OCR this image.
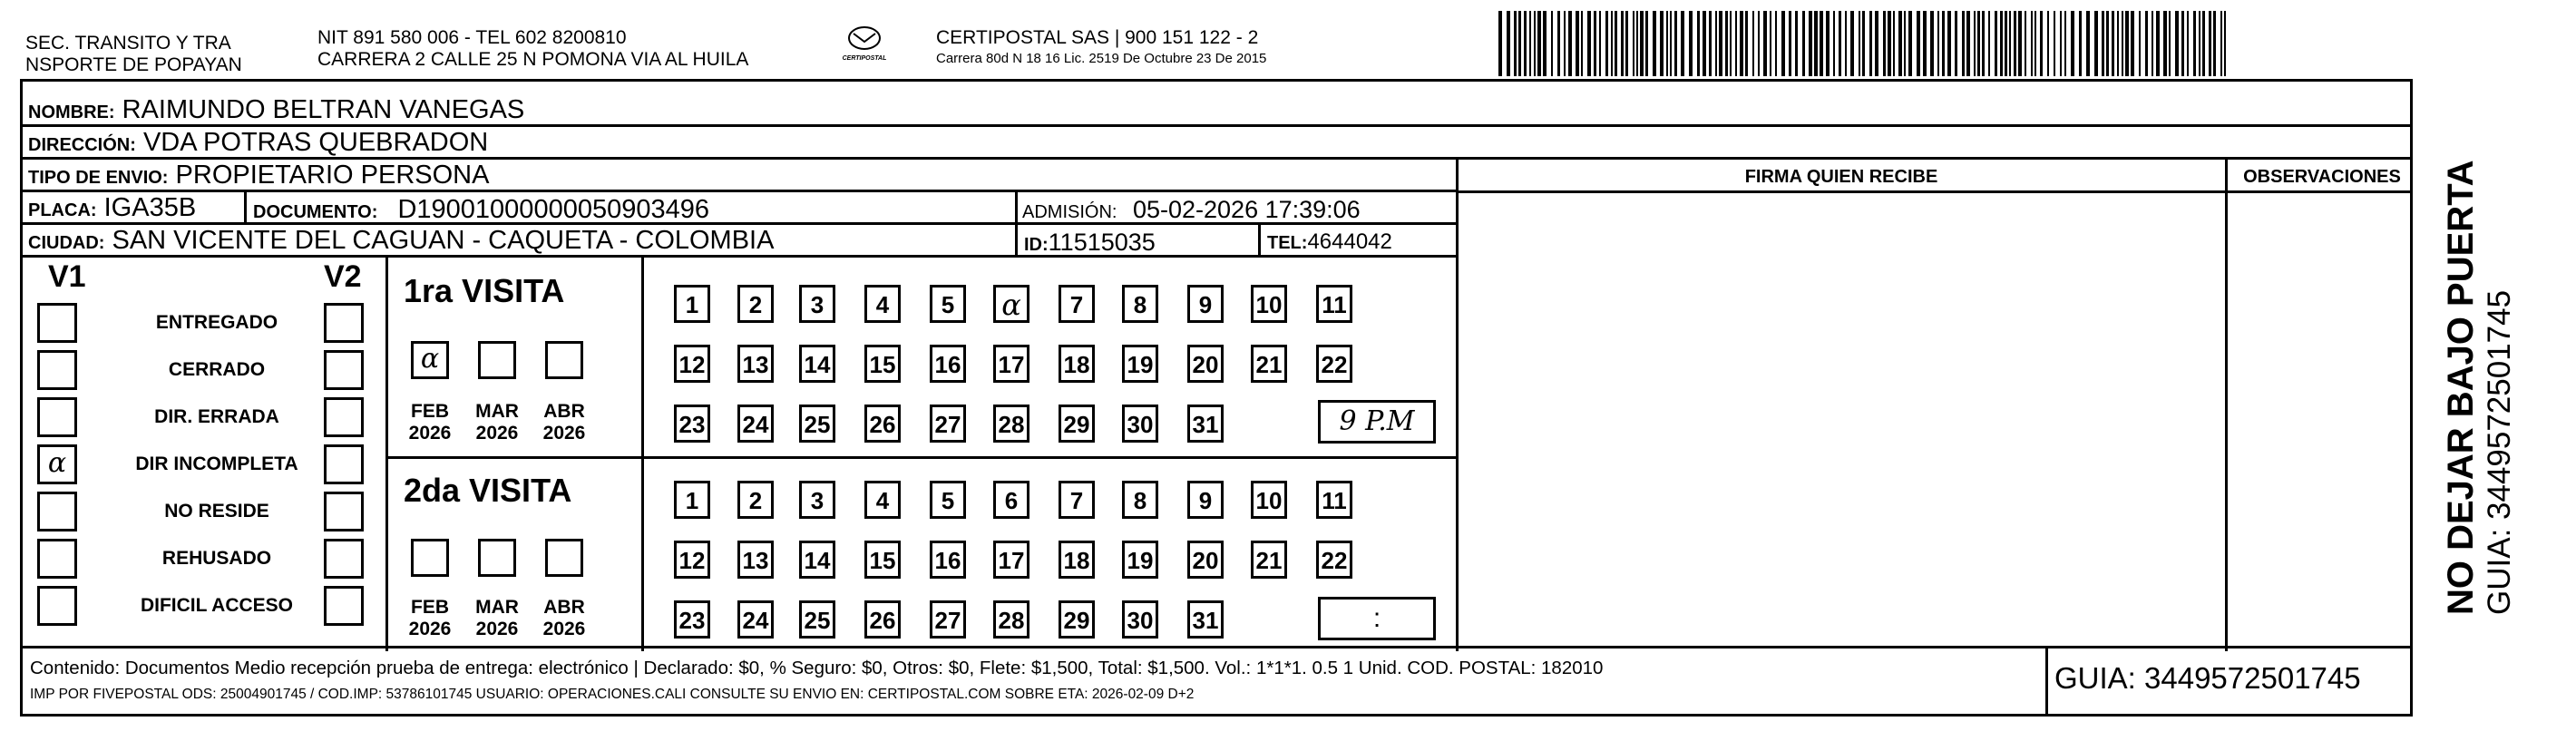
SEC. TRANSITO Y TRA
NSPORTE DE POPAYAN
NIT 891 580 006 - TEL 602 8200810
CARRERA 2 CALLE 25 N POMONA VIA AL HUILA	CERTIPOSTAL
CERTIPOSTAL SAS | 900 151 122 - 2
Carrera 80d N 18 16 Lic. 2519 De Octubre 23 De 2015
NOMBRE: RAIMUNDO BELTRAN VANEGAS
DIRECCIÓN: VDA POTRAS QUEBRADON
TIPO DE ENVIO: PROPIETARIO PERSONA	FIRMA QUIEN RECIBE	OBSERVACIONES
PLACA: IGA35B	DOCUMENTO: D19001000000050903496	ADMISIÓN: 05-02-2026 17:39:06
CIUDAD: SAN VICENTE DEL CAGUAN - CAQUETA - COLOMBIA	ID:11515035	TEL:4644042
V1	V2
ENTREGADO
CERRADO
DIR. ERRADA
α	DIR INCOMPLETA
NO RESIDE
REHUSADO
DIFICIL ACCESO
1ra VISITA
2da VISITA
α
FEB
2026
MAR
2026
ABR
2026
FEB
2026
MAR
2026
ABR
2026
1	2	3	4	5	α	7	8	9	10 11
12 13 14 15 16 17 18 19 20 21 22
23 24 25 26 27 28 29 30 31
1	2	3	4	5	6	7	8	9	10 11
12 13 14 15 16 17 18 19 20 21 22
23 24 25 26 27 28 29 30 31
9 P.M
:
Contenido: Documentos Medio recepción prueba de entrega: electrónico | Declarado: $0, % Seguro: $0, Otros: $0, Flete: $1,500, Total: $1,500. Vol.: 1*1*1. 0.5 1 Unid. COD. POSTAL: 182010
IMP POR FIVEPOSTAL ODS: 25004901745 / COD.IMP: 53786101745 USUARIO: OPERACIONES.CALI CONSULTE SU ENVIO EN: CERTIPOSTAL.COM SOBRE ETA: 2026-02-09 D+2	GUIA: 3449572501745
NO DEJAR BAJO PUERTA GUIA: 3449572501745
